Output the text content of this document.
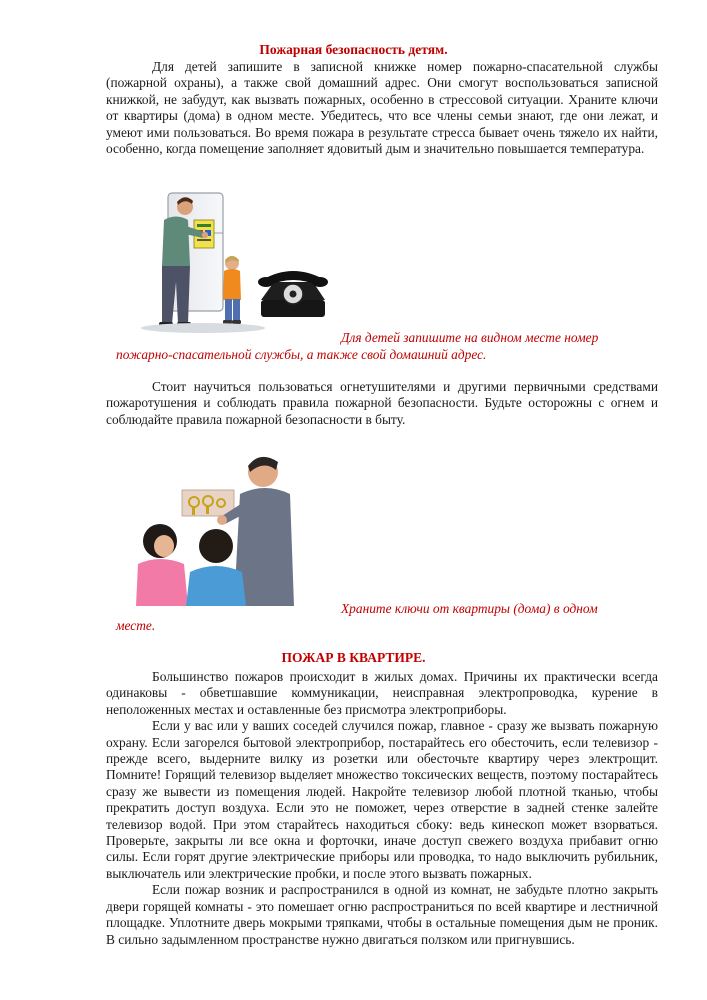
Пожарная безопасность детям.

Для детей запишите в записной книжке номер пожарно-спасательной службы (пожарной охраны), а также свой домашний адрес. Они смогут воспользоваться записной книжкой, не забудут, как вызвать пожарных, особенно в стрессовой ситуации. Храните ключи от квартиры (дома) в одном месте. Убедитесь, что все члены семьи знают, где они лежат, и умеют ими пользоваться. Во время пожара в результате стресса бывает очень тяжело их найти, особенно, когда помещение заполняет ядовитый дым и значительно повышается температура.

Для детей запишите на видном месте номер
пожарно-спасательной службы, а также свой домашний адрес.

Стоит научиться пользоваться огнетушителями и другими первичными средствами пожаротушения и соблюдать правила пожарной безопасности. Будьте осторожны с огнем и соблюдайте правила пожарной безопасности в быту.

Храните ключи от квартиры (дома) в одном
месте.
ПОЖАР В КВАРТИРЕ.

Большинство пожаров происходит в жилых домах. Причины их практически всегда одинаковы - обветшавшие коммуникации, неисправная электропроводка, курение в неположенных местах и оставленные без присмотра электроприборы.

Если у вас или у ваших соседей случился пожар, главное - сразу же вызвать пожарную охрану. Если загорелся бытовой электроприбор, постарайтесь его обесточить, если телевизор - прежде всего, выдерните вилку из розетки или обесточьте квартиру через электрощит. Помните! Горящий телевизор выделяет множество токсических веществ, поэтому постарайтесь сразу же вывести из помещения людей. Накройте телевизор любой плотной тканью, чтобы прекратить доступ воздуха. Если это не поможет, через отверстие в задней стенке залейте телевизор водой. При этом старайтесь находиться сбоку: ведь кинескоп может взорваться. Проверьте, закрыты ли все окна и форточки, иначе доступ свежего воздуха прибавит огню силы. Если горят другие электрические приборы или проводка, то надо выключить рубильник, выключатель или электрические пробки, и после этого вызвать пожарных.

Если пожар возник и распространился в одной из комнат, не забудьте плотно закрыть двери горящей комнаты - это помешает огню распространиться по всей квартире и лестничной площадке. Уплотните дверь мокрыми тряпками, чтобы в остальные помещения дым не проник. В сильно задымленном пространстве нужно двигаться ползком или пригнувшись.
